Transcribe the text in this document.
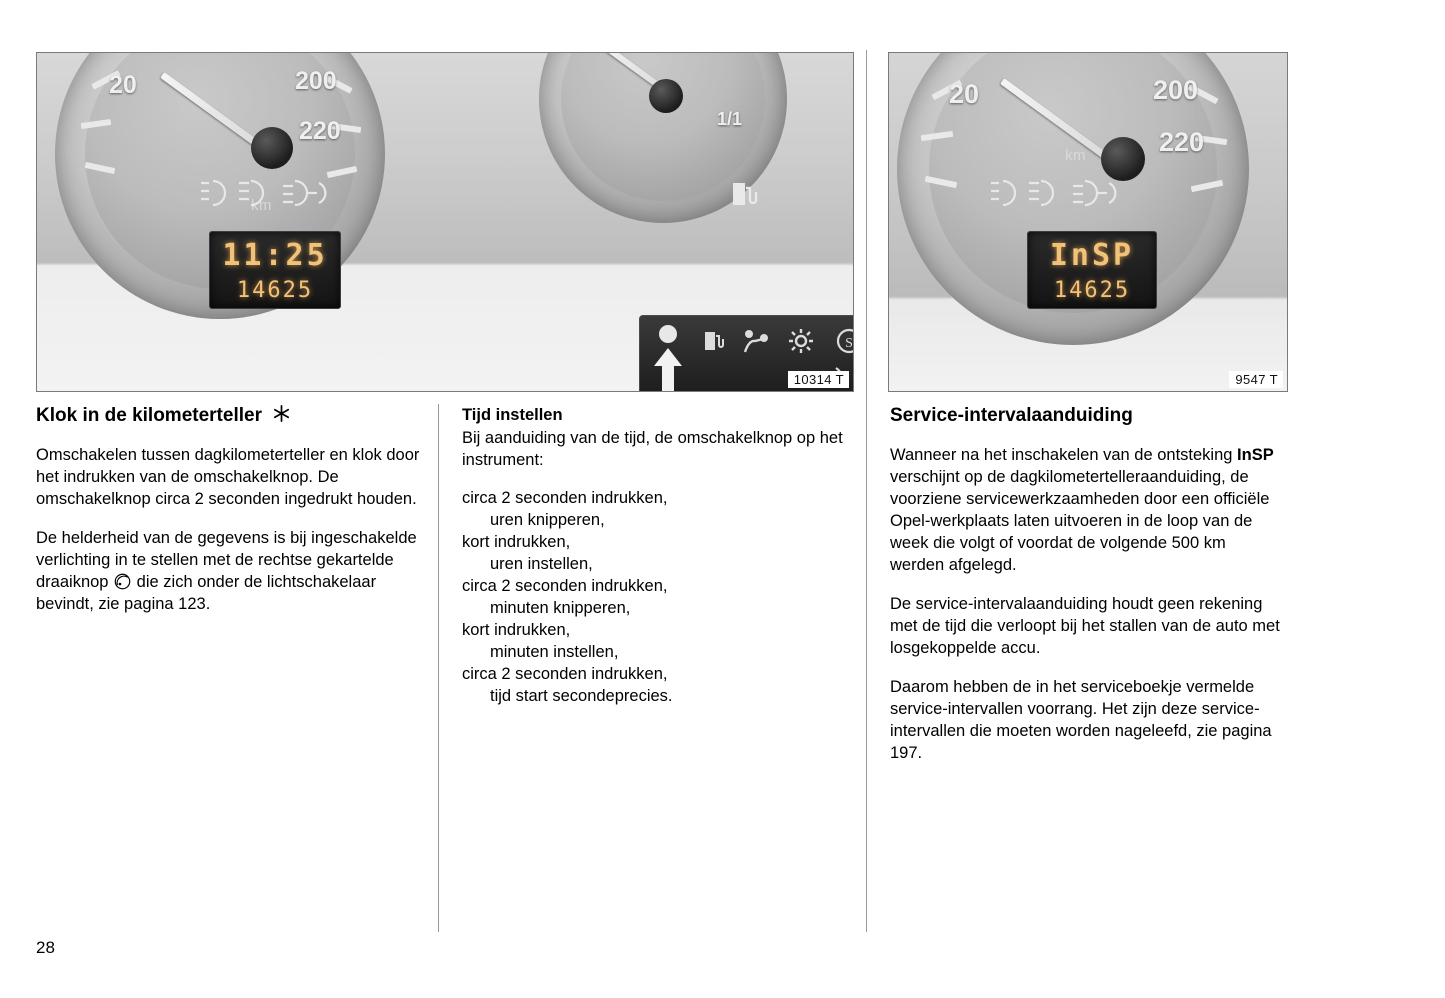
20	200
220
km
11:25
14625
1/1
S
10314 T
20	200
220
km
InSP
14625
9547 T
Klok in de kilometerteller

Omschakelen tussen dagkilometerteller en klok door het indrukken van de omschakelknop. De omschakelknop circa 2 seconden ingedrukt houden.

De helderheid van de gegevens is bij ingeschakelde verlichting in te stellen met de rechtse gekartelde draaiknop die zich onder de lichtschakelaar bevindt, zie pagina 123.

Tijd instellen

Bij aanduiding van de tijd, de omschakelknop op het instrument:

circa 2 seconden indrukken,
uren knipperen,
kort indrukken,
uren instellen,
circa 2 seconden indrukken,
minuten knipperen,
kort indrukken,
minuten instellen,
circa 2 seconden indrukken,
tijd start secondeprecies.
Service-intervalaanduiding

Wanneer na het inschakelen van de ontsteking InSP verschijnt op de dagkilometertelleraanduiding, de voorziene servicewerkzaamheden door een officiële Opel-werkplaats laten uitvoeren in de loop van de week die volgt of voordat de volgende 500 km werden afgelegd.

De service-intervalaanduiding houdt geen rekening met de tijd die verloopt bij het stallen van de auto met losgekoppelde accu.

Daarom hebben de in het serviceboekje vermelde service-intervallen voorrang. Het zijn deze service-intervallen die moeten worden nageleefd, zie pagina 197.

28
